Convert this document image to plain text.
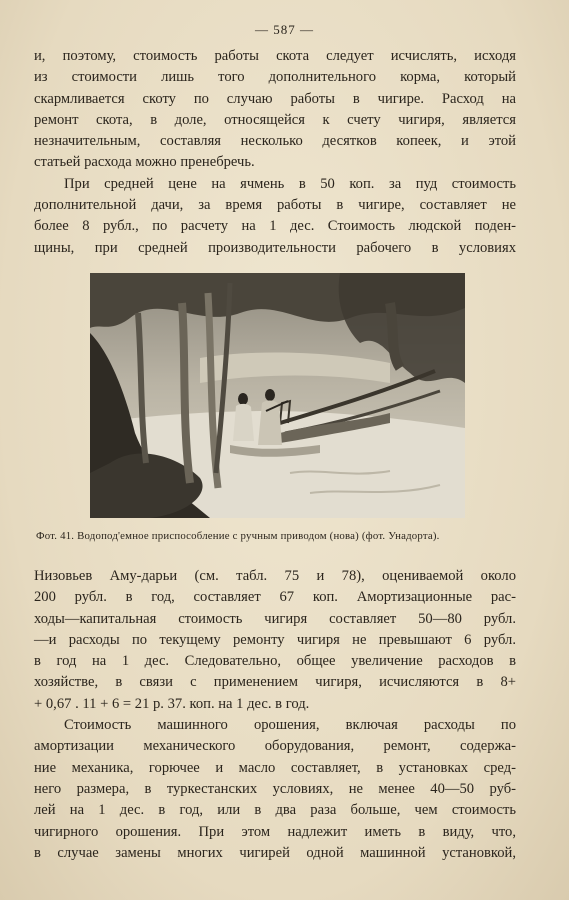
— 587 —

и, поэтому, стоимость работы скота следует исчислять, исходя
из стоимости лишь того дополнительного корма, который
скармливается скоту по случаю работы в чигире. Расход на
ремонт скота, в доле, относящейся к счету чигиря, является
незначительным, составляя несколько десятков копеек, и этой
статьей расхода можно пренебречь.

При средней цене на ячмень в 50 коп. за пуд стоимость
дополнительной дачи, за время работы в чигире, составляет не
более 8 рубл., по расчету на 1 дес. Стоимость людской поден-
щины, при средней производительности рабочего в условиях

Фот. 41. Водопод'емное приспособление с ручным приводом (нова) (фот. Унадорта).

Низовьев Аму-дарьи (см. табл. 75 и 78), оцениваемой около
200 рубл. в год, составляет 67 коп. Амортизационные рас-
ходы—капитальная стоимость чигиря составляет 50—80 рубл.
—и расходы по текущему ремонту чигиря не превышают 6 рубл.
в год на 1 дес. Следовательно, общее увеличение расходов в
хозяйстве, в связи с применением чигиря, исчисляются в 8+
+ 0,67 . 11 + 6 = 21 р. 37. коп. на 1 дес. в год.

Стоимость машинного орошения, включая расходы по
амортизации механического оборудования, ремонт, содержа-
ние механика, горючее и масло составляет, в установках сред-
него размера, в туркестанских условиях, не менее 40—50 руб-
лей на 1 дес. в год, или в два раза больше, чем стоимость
чигирного орошения. При этом надлежит иметь в виду, что,
в случае замены многих чигирей одной машинной установкой,
